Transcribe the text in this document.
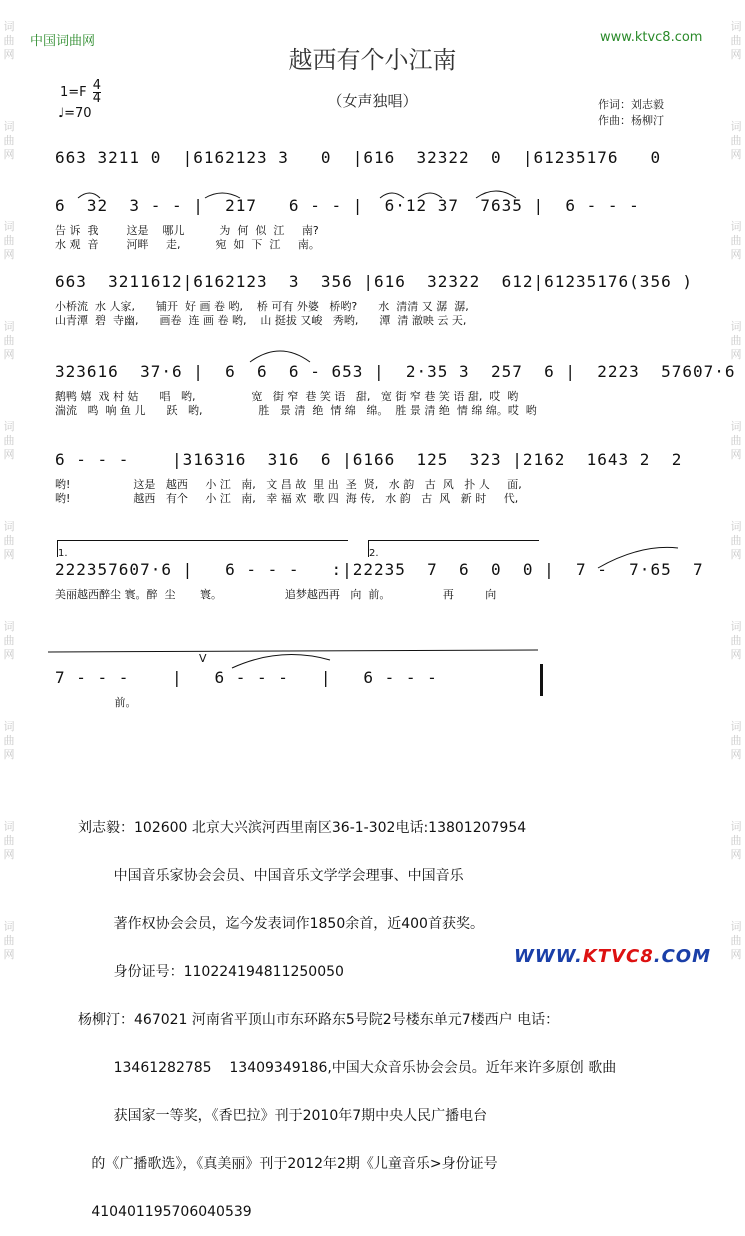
中国词曲网	www.ktvc8.com
词
曲
网
词
曲
网
词
曲
网
词
曲
网
词
曲
网
词
曲
网
词
曲
网
词
曲
网
词
曲
网
词
曲
网
词
曲
网
词
曲
网
词
曲
网
词
曲
网
词
曲
网
词
曲
网
词
曲
网
词
曲
网
词
曲
网
词
曲
网
越西有个小江南
（女声独唱）
$1=F \frac{4}{4}$
♩=70
作词：刘志毅
作曲：杨柳汀
663 3211 0  |6162123 3   0  |616  32322  0  |61235176   0
6  32  3 - - |  217   6 - - |  6·12 37  7635 |  6 - - -
告 诉  我        这是    哪儿          为  何  似  江     南?
水 观  音        河畔     走,          宛  如  下  江     南。
663  3211612|6162123  3  356 |616  32322  612|61235176(356 )
小桥流  水 人家,      铺开  好 画 卷 哟,    桥 可有 外婆   桥哟?      水  清清 又 潺  潺,
山青潭  碧  寺幽,      画卷  连 画 卷 哟,    山 挺拔 又峻   秀哟,      潭  清 澈映 云 天,
323616  37·6 |  6  6  6 - 653 |  2·35 3  257  6 |  2223  57607·6
鹅鸭 嬉  戏 村 姑      唱   哟,                宽   街 窄  巷 笑 语   甜,   宽 街 窄 巷 笑 语 甜,  哎  哟
湍流   鸣  响 鱼 儿      跃   哟,                胜   景 清  绝  情 绵   绵。  胜 景 清 绝  情 绵 绵。哎  哟
6 - - -    |316316  316  6 |6166  125  323 |2162  1643 2  2
哟!                  这是   越西     小 江   南,   文 昌 故  里 出  圣  贤,   水 韵   古  风   扑 人     面,
哟!                  越西   有个     小 江   南,   幸 福 欢  歌 四  海 传,   水 韵   古  风   新 时     代,
1.	2.
222357607·6 |   6 - - -   :|22235  7  6  0  0 |  7 -  7·65  7
美丽越西醉尘 寰。醉  尘       寰。                  追梦越西再   向  前。               再         向
7 - - -    |   6 - - -   |   6 - - -
前。
V

刘志毅：102600 北京大兴滨河西里南区36-1-302电话:13801207954

中国音乐家协会会员、中国音乐文学学会理事、中国音乐

著作权协会会员，迄今发表词作1850余首，近400首获奖。

身份证号：110224194811250050

杨柳汀：467021 河南省平顶山市东环路东5号院2号楼东单元7楼西户 电话：

13461282785    13409349186,中国大众音乐协会会员。近年来许多原创 歌曲

获国家一等奖，《香巴拉》刊于2010年7期中央人民广播电台

的《广播歌选》，《真美丽》刊于2012年2期《儿童音乐>身份证号

410401195706040539

WWW.KTVC8.COM
